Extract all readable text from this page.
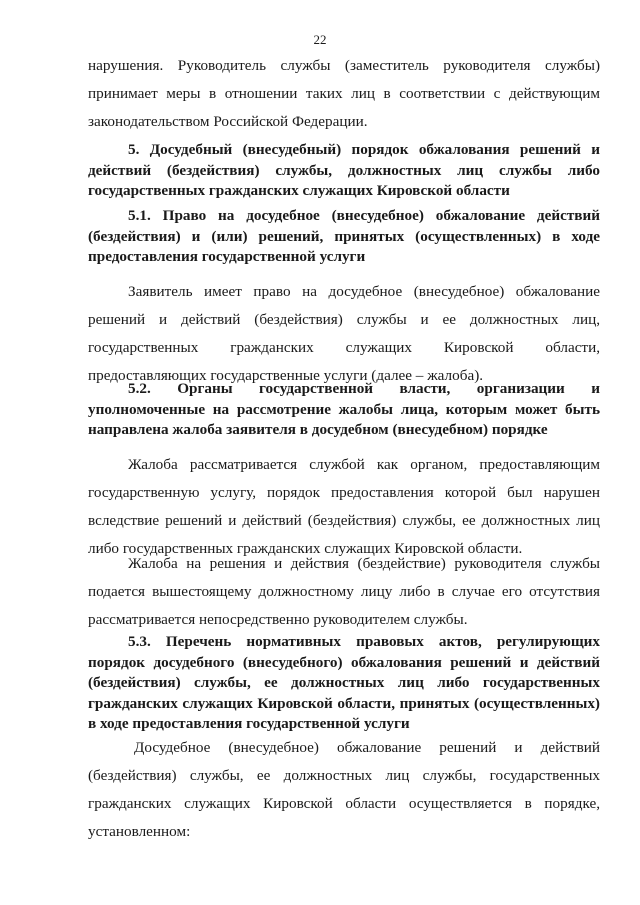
22
нарушения. Руководитель службы (заместитель руководителя службы) принимает меры в отношении таких лиц в соответствии с действующим законодательством Российской Федерации.
5. Досудебный (внесудебный) порядок обжалования решений и действий (бездействия) службы, должностных лиц службы либо государственных гражданских служащих Кировской области
5.1. Право на досудебное (внесудебное) обжалование действий (бездействия) и (или) решений, принятых (осуществленных) в ходе предоставления государственной услуги
Заявитель имеет право на досудебное (внесудебное) обжалование решений и действий (бездействия) службы и ее должностных лиц, государственных гражданских служащих Кировской области, предоставляющих государственные услуги (далее – жалоба).
5.2. Органы государственной власти, организации и уполномоченные на рассмотрение жалобы лица, которым может быть направлена жалоба заявителя в досудебном (внесудебном) порядке
Жалоба рассматривается службой как органом, предоставляющим государственную услугу, порядок предоставления которой был нарушен вследствие решений и действий (бездействия) службы, ее должностных лиц либо государственных гражданских служащих Кировской области.
Жалоба на решения и действия (бездействие) руководителя службы подается вышестоящему должностному лицу либо в случае его отсутствия рассматривается непосредственно руководителем службы.
5.3. Перечень нормативных правовых актов, регулирующих порядок досудебного (внесудебного) обжалования решений и действий (бездействия) службы, ее должностных лиц либо государственных гражданских служащих Кировской области, принятых (осуществленных) в ходе предоставления государственной услуги
Досудебное (внесудебное) обжалование решений и действий (бездействия) службы, ее должностных лиц службы, государственных гражданских служащих Кировской области осуществляется в порядке, установленном:
